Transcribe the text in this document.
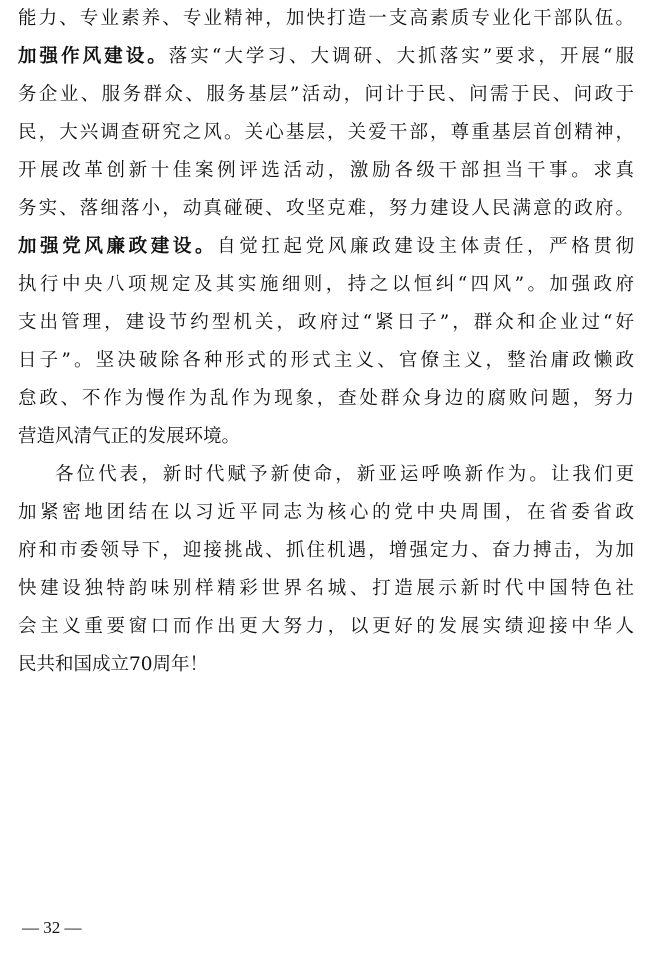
能力、专业素养、专业精神，加快打造一支高素质专业化干部队伍。
加强作风建设。落实“大学习、大调研、大抓落实”要求，开展“服
务企业、服务群众、服务基层”活动，问计于民、问需于民、问政于
民，大兴调查研究之风。关心基层，关爱干部，尊重基层首创精神，
开展改革创新十佳案例评选活动，激励各级干部担当干事。求真
务实、落细落小，动真碰硬、攻坚克难，努力建设人民满意的政府。
加强党风廉政建设。自觉扛起党风廉政建设主体责任，严格贯彻
执行中央八项规定及其实施细则，持之以恒纠“四风”。加强政府
支出管理，建设节约型机关，政府过“紧日子”，群众和企业过“好
日子”。坚决破除各种形式的形式主义、官僚主义，整治庸政懒政
怠政、不作为慢作为乱作为现象，查处群众身边的腐败问题，努力
营造风清气正的发展环境。
各位代表，新时代赋予新使命，新亚运呼唤新作为。让我们更
加紧密地团结在以习近平同志为核心的党中央周围，在省委省政
府和市委领导下，迎接挑战、抓住机遇，增强定力、奋力搏击，为加
快建设独特韵味别样精彩世界名城、打造展示新时代中国特色社
会主义重要窗口而作出更大努力，以更好的发展实绩迎接中华人
民共和国成立70周年！
— 32 —
